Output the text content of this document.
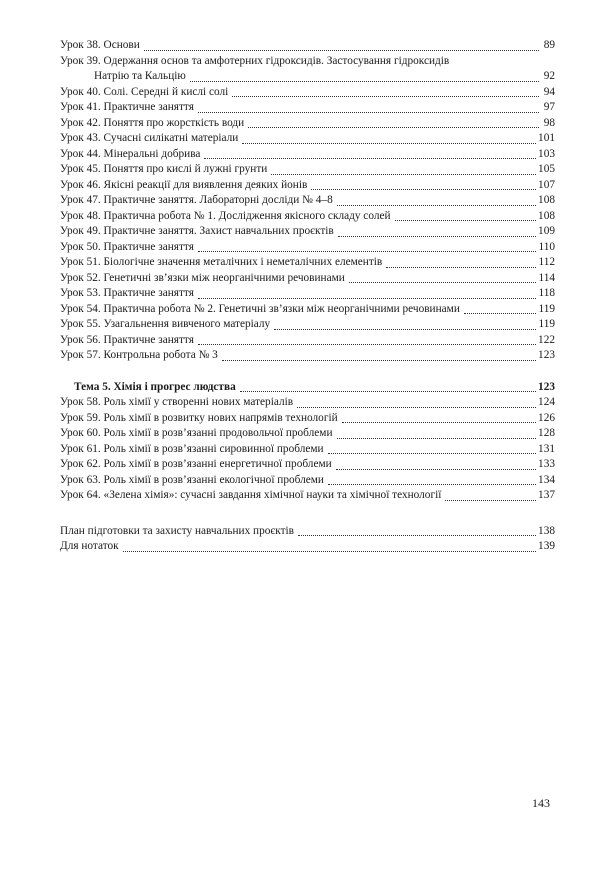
Урок 38. Основи	89
Урок 39. Одержання основ та амфотерних гідроксидів. Застосування гідроксидів
Натрію та Кальцію	92
Урок 40. Солі. Середні й кислі солі	94
Урок 41. Практичне заняття	97
Урок 42. Поняття про жорсткість води	98
Урок 43. Сучасні силікатні матеріали	101
Урок 44. Мінеральні добрива	103
Урок 45. Поняття про кислі й лужні грунти	105
Урок 46. Якісні реакції для виявлення деяких йонів	107
Урок 47. Практичне заняття. Лабораторні досліди № 4–8	108
Урок 48. Практична робота № 1. Дослідження якісного складу солей	108
Урок 49. Практичне заняття. Захист навчальних проєктів	109
Урок 50. Практичне заняття	110
Урок 51. Біологічне значення металічних і неметалічних елементів	112
Урок 52. Генетичні зв’язки між неорганічними речовинами	114
Урок 53. Практичне заняття	118
Урок 54. Практична робота № 2. Генетичні зв’язки між неорганічними речовинами	119
Урок 55. Узагальнення вивченого матеріалу	119
Урок 56. Практичне заняття	122
Урок 57. Контрольна робота № 3	123
Тема 5. Хімія і прогрес людства	123
Урок 58. Роль хімії у створенні нових матеріалів	124
Урок 59. Роль хімії в розвитку нових напрямів технологій	126
Урок 60. Роль хімії в розв’язанні продовольчої проблеми	128
Урок 61. Роль хімії в розв’язанні сировинної проблеми	131
Урок 62. Роль хімії в розв’язанні енергетичної проблеми	133
Урок 63. Роль хімії в розв’язанні екологічної проблеми	134
Урок 64. «Зелена хімія»: сучасні завдання хімічної науки та хімічної технології	137
План підготовки та захисту навчальних проєктів	138
Для нотаток	139
143
